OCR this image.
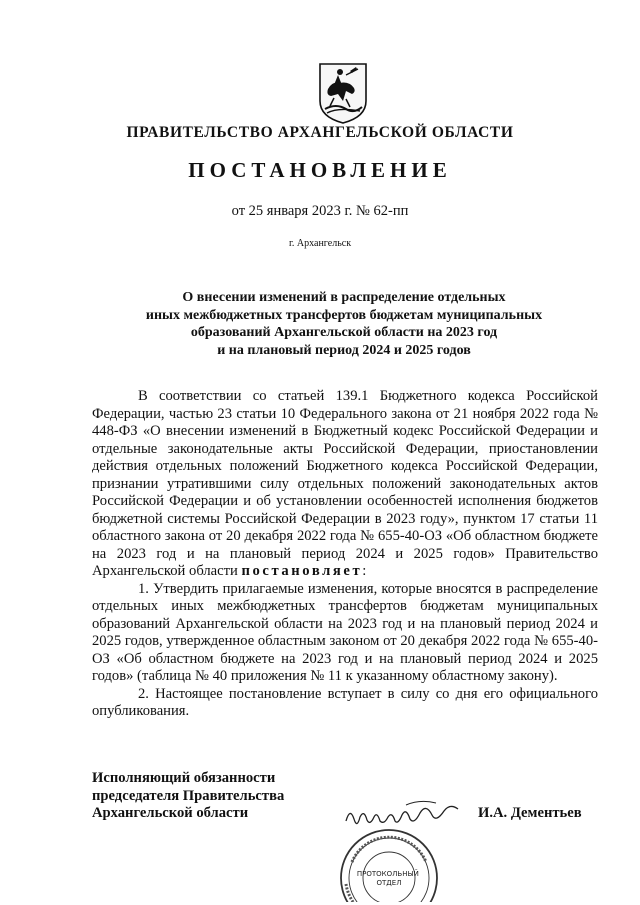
ПРАВИТЕЛЬСТВО АРХАНГЕЛЬСКОЙ ОБЛАСТИ
ПОСТАНОВЛЕНИЕ
от 25 января 2023 г. № 62-пп
г. Архангельск
О внесении изменений в распределение отдельных
иных межбюджетных трансфертов бюджетам муниципальных
образований Архангельской области на 2023 год
и на плановый период 2024 и 2025 годов

В соответствии со статьей 139.1 Бюджетного кодекса Российской Федерации, частью 23 статьи 10 Федерального закона от 21 ноября 2022 года № 448-ФЗ «О внесении изменений в Бюджетный кодекс Российской Федерации и отдельные законодательные акты Российской Федерации, приостановлении действия отдельных положений Бюджетного кодекса Российской Федерации, признании утратившими силу отдельных положений законодательных актов Российской Федерации и об установлении особенностей исполнения бюджетов бюджетной системы Российской Федерации в 2023 году», пунктом 17 статьи 11 областного закона от 20 декабря 2022 года № 655-40-ОЗ «Об областном бюджете на 2023 год и на плановый период 2024 и 2025 годов» Правительство Архангельской области постановляет:

1. Утвердить прилагаемые изменения, которые вносятся в распределение отдельных иных межбюджетных трансфертов бюджетам муниципальных образований Архангельской области на 2023 год и на плановый период 2024 и 2025 годов, утвержденное областным законом от 20 декабря 2022 года № 655-40-ОЗ «Об областном бюджете на 2023 год и на плановый период 2024 и 2025 годов» (таблица № 40 приложения № 11 к указанному областному закону).

2. Настоящее постановление вступает в силу со дня его официального опубликования.

Исполняющий обязанности
председателя Правительства
Архангельской области
ПРОТОКОЛЬНЫЙ ОТДЕЛ
И.А. Дементьев
